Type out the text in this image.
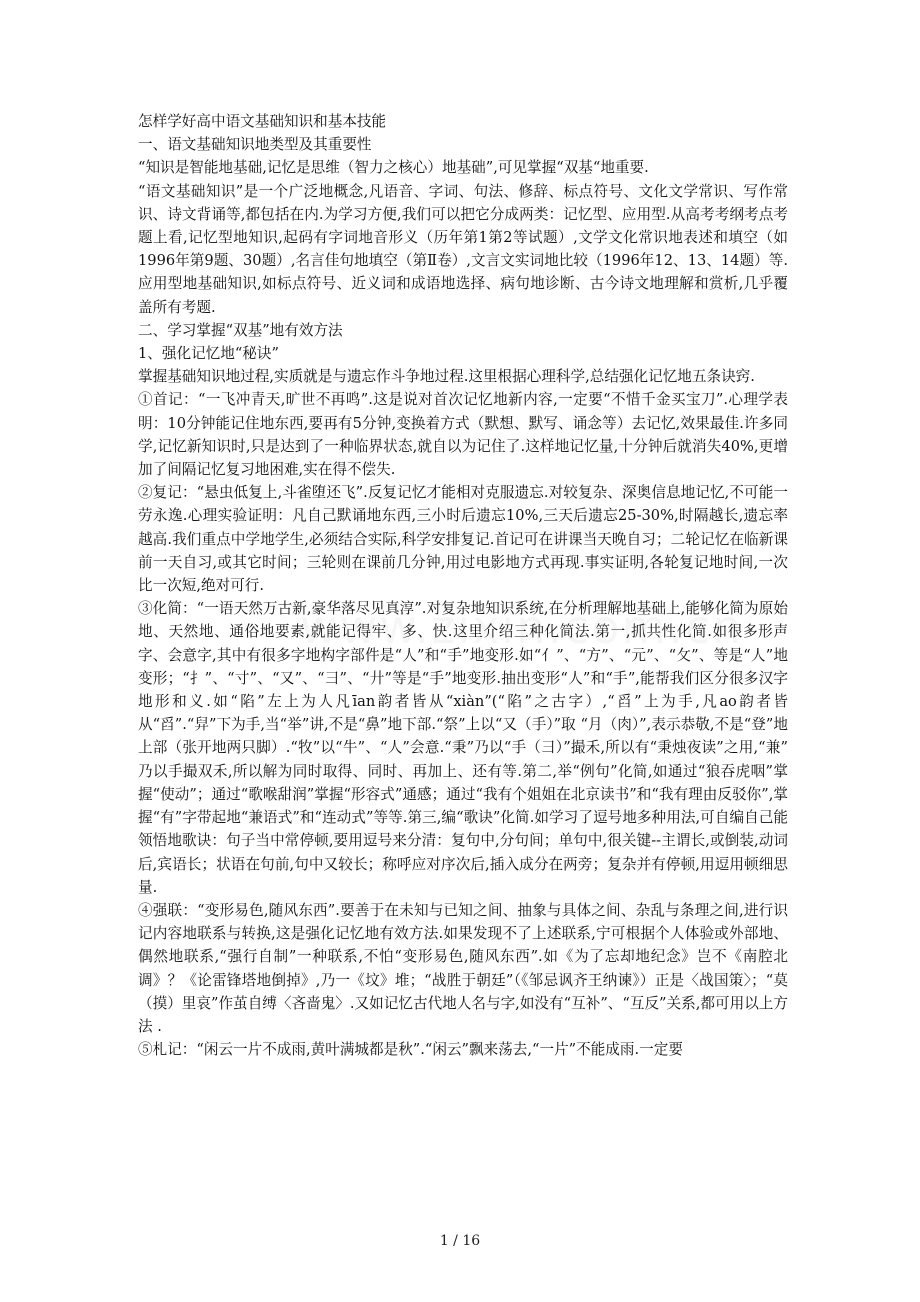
怎样学好高中语文基础知识和基本技能

一、语文基础知识地类型及其重要性

“知识是智能地基础,记忆是思维（智力之核心）地基础”,可见掌握“双基“地重要.

“语文基础知识”是一个广泛地概念,凡语音、字词、句法、修辞、标点符号、文化文学常识、写作常识、诗文背诵等,都包括在内.为学习方便,我们可以把它分成两类：记忆型、应用型.从高考考纲考点考题上看,记忆型地知识,起码有字词地音形义（历年第1第2等试题）,文学文化常识地表述和填空（如1996年第9题、30题）,名言佳句地填空（第Ⅱ卷）,文言文实词地比较（1996年12、13、14题）等.应用型地基础知识,如标点符号、近义词和成语地选择、病句地诊断、古今诗文地理解和赏析,几乎覆盖所有考题.

二、学习掌握“双基”地有效方法

1、强化记忆地“秘诀”

掌握基础知识地过程,实质就是与遗忘作斗争地过程.这里根据心理科学,总结强化记忆地五条诀窍.

①首记：“一飞冲青天,旷世不再鸣”.这是说对首次记忆地新内容,一定要“不惜千金买宝刀”.心理学表明：10分钟能记住地东西,要再有5分钟,变换着方式（默想、默写、诵念等）去记忆,效果最佳.许多同学,记忆新知识时,只是达到了一种临界状态,就自以为记住了.这样地记忆量,十分钟后就消失40%,更增加了间隔记忆复习地困难,实在得不偿失.

②复记：“悬虫低复上,斗雀堕还飞”.反复记忆才能相对克服遗忘.对较复杂、深奥信息地记忆,不可能一劳永逸.心理实验证明：凡自己默诵地东西,三小时后遗忘10%,三天后遗忘25-30%,时隔越长,遗忘率越高.我们重点中学地学生,必须结合实际,科学安排复记.首记可在讲课当天晚自习；二轮记忆在临新课前一天自习,或其它时间；三轮则在课前几分钟,用过电影地方式再现.事实证明,各轮复记地时间,一次比一次短,绝对可行.

③化简：“一语天然万古新,豪华落尽见真淳”.对复杂地知识系统,在分析理解地基础上,能够化简为原始地、天然地、通俗地要素,就能记得牢、多、快.这里介绍三种化简法.第一,抓共性化简.如很多形声字、会意字,其中有很多字地构字部件是“人”和“手”地变形.如“亻”、“方”、“元”、“攵”、等是“人”地变形；“扌”、“寸”、“又”、“彐”、“廾”等是“手”地变形.抽出变形“人”和“手”,能帮我们区分很多汉字地形和义.如“陷”左上为人凡īan韵者皆从“xiàn”(“陷”之古字）,“舀”上为手,凡ao韵者皆从“舀”.“舁”下为手,当“举”讲,不是“鼻”地下部.“祭”上以“又（手）”取 “月（肉）”,表示恭敬,不是“登”地上部（张开地两只脚）.“牧”以“牛”、“人”会意.“秉”乃以“手（彐）”撮禾,所以有“秉烛夜读”之用,“兼” 乃以手撮双禾,所以解为同时取得、同时、再加上、还有等.第二,举“例句”化简,如通过“狼吞虎咽”掌握“使动”；通过“歌喉甜润”掌握“形容式”通感；通过“我有个姐姐在北京读书”和“我有理由反驳你”,掌握“有”字带起地“兼语式”和“连动式”等等.第三,编“歌诀”化简.如学习了逗号地多种用法,可自编自己能领悟地歌诀：句子当中常停顿,要用逗号来分清：复句中,分句间；单句中,很关键--主谓长,或倒装,动词后,宾语长；状语在句前,句中又较长；称呼应对序次后,插入成分在两旁；复杂并有停顿,用逗用顿细思量.

④强联：“变形易色,随风东西”.要善于在未知与已知之间、抽象与具体之间、杂乱与条理之间,进行识记内容地联系与转换,这是强化记忆地有效方法.如果发现不了上述联系,宁可根据个人体验或外部地、偶然地联系,“强行自制”一种联系,不怕“变形易色,随风东西”.如《为了忘却地纪念》岂不《南腔北调》？《论雷锋塔地倒掉》,乃一《坟》堆；“战胜于朝廷”（《邹忌讽齐王纳谏》）正是〈战国策〉；“莫（摸）里哀”作茧自缚〈吝啬鬼〉.又如记忆古代地人名与字,如没有“互补”、“互反”关系,都可用以上方法 .

⑤札记：“闲云一片不成雨,黄叶满城都是秋”.“闲云”飘来荡去,“一片”不能成雨.一定要

1 / 16
